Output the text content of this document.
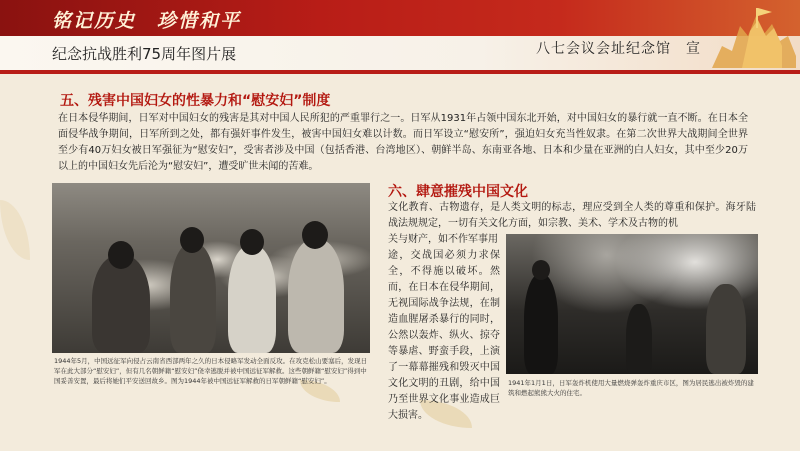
铭记历史　珍惜和平
纪念抗战胜利75周年图片展	八七会议会址纪念馆　宣
五、残害中国妇女的性暴力和“慰安妇”制度
在日本侵华期间，日军对中国妇女的残害是其对中国人民所犯的严重罪行之一。日军从1931年占领中国东北开始，对中国妇女的暴行就一直不断。在日本全面侵华战争期间，日军所到之处，都有强奸事件发生，被害中国妇女难以计数。而日军设立“慰安所”，强迫妇女充当性奴隶。在第二次世界大战期间全世界至少有40万妇女被日军强征为“慰安妇”，受害者涉及中国（包括香港、台湾地区）、朝鲜半岛、东南亚各地、日本和少量在亚洲的白人妇女，其中至少20万以上的中国妇女先后沦为“慰安妇”，遭受旷世未闻的苦难。
1944年5月，中国远征军向侵占云南省西部两年之久的日本侵略军发动全面反攻。在攻克松山要塞后，发现日军在此大部分“慰安妇”，但有几名朝鲜籍“慰安妇”侥幸逃脱并被中国远征军解救。这些朝鲜籍“慰安妇”得到中国妥善安置，最后将她们平安送回故乡。图为1944年被中国远征军解救的日军朝鲜籍“慰安妇”。
六、肆意摧残中国文化
文化教育、古物遗存，是人类文明的标志，理应受到全人类的尊重和保护。海牙陆战法规规定，一切有关文化方面，如宗教、美术、学术及古物的机
关与财产，如不作军事用
途，交战国必须力求保全，不得施以破坏。然而，在日本在侵华期间，无视国际战争法规，在制造血腥屠杀暴行的同时，公然以轰炸、纵火、掠夺等暴虐、野蛮手段，上演了一幕幕摧残和毁灭中国文化文明的丑剧，给中国乃至世界文化事业造成巨大损害。
1941年1月1日，日军轰炸机使用大量燃烧弹轰炸重庆市区，图为居民逃出被炸毁的建筑和燃起熊熊大火的住宅。
